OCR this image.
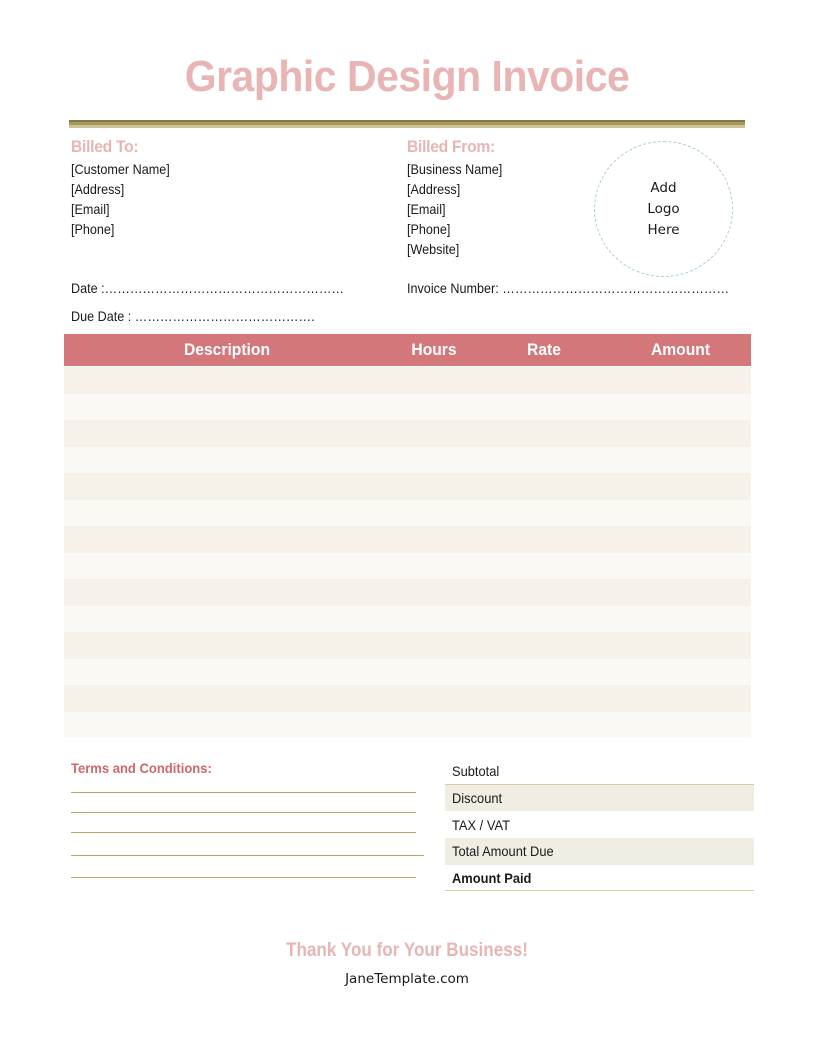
Graphic Design Invoice
Billed To:
[Customer Name]
[Address]
[Email]
[Phone]
Billed From:
[Business Name]
[Address]
[Email]
[Phone]
[Website]
Add
Logo
Here
Date :…………………………………………………
Due Date : …………………………………….
Invoice Number: ………………………………………………
Description	Hours	Rate	Amount
Terms and Conditions:	Subtotal
Discount
TAX / VAT
Total Amount Due
Amount Paid
Thank You for Your Business!
JaneTemplate.com
